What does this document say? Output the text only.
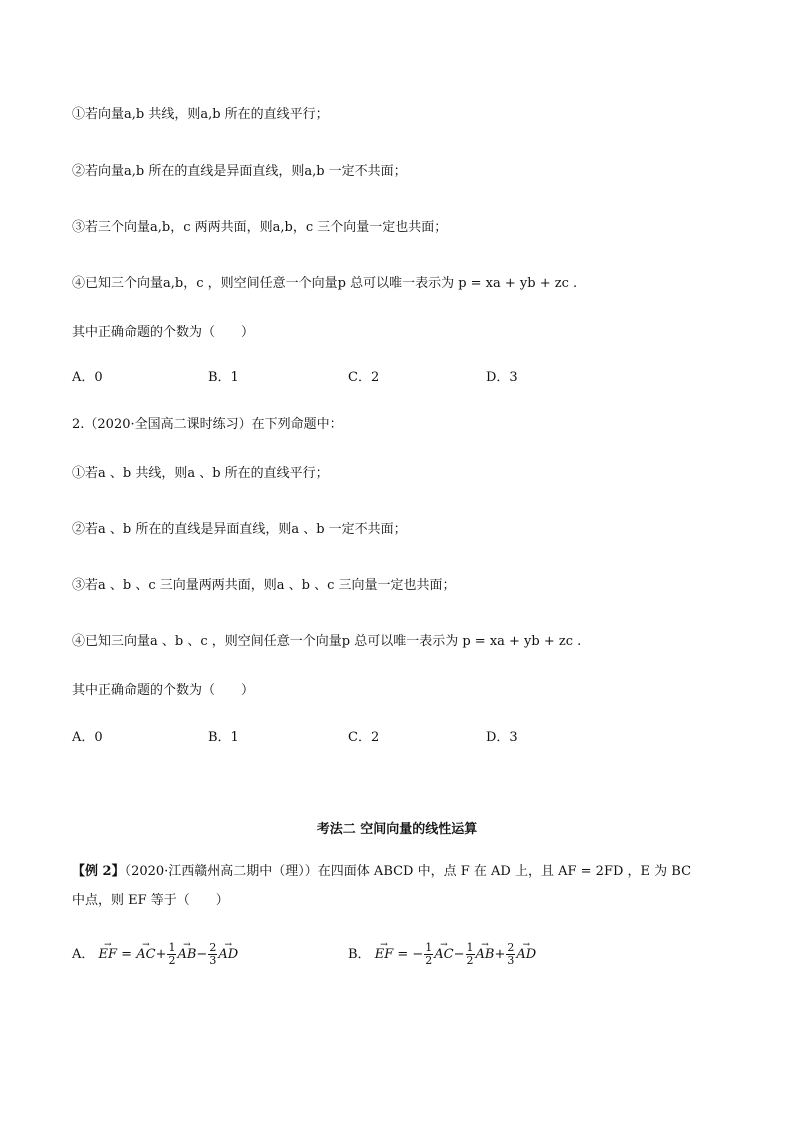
①若向量a,b 共线，则a,b 所在的直线平行；
②若向量a,b 所在的直线是异面直线，则a,b 一定不共面；
③若三个向量a,b，c 两两共面，则a,b，c 三个向量一定也共面；
④已知三个向量a,b，c ，则空间任意一个向量p 总可以唯一表示为 p = xa + yb + zc .
其中正确命题的个数为（　　）
A．0	B．1	C．2	D．3
2.（2020·全国高二课时练习）在下列命题中：
①若a 、b 共线，则a 、b 所在的直线平行；
②若a 、b 所在的直线是异面直线，则a 、b 一定不共面；
③若a 、b 、c 三向量两两共面，则a 、b 、c 三向量一定也共面；
④已知三向量a 、b 、c ，则空间任意一个向量p 总可以唯一表示为 p = xa + yb + zc .
其中正确命题的个数为（　　）
A．0	B．1	C．2	D．3
考法二 空间向量的线性运算
【例 2】（2020·江西赣州高二期中（理））在四面体 ABCD 中，点 F 在 AD 上，且 AF = 2FD ，E 为 BC
中点，则 EF 等于（　　）
A． → EF = → $AC+ \frac{1}{2}$
→ $AB- \frac{2}{3}$
→ AD	B． → EF = − $\frac{1}{2}$
→ $AC- \frac{1}{2}$
→ $AB+ \frac{2}{3}$
→ AD
